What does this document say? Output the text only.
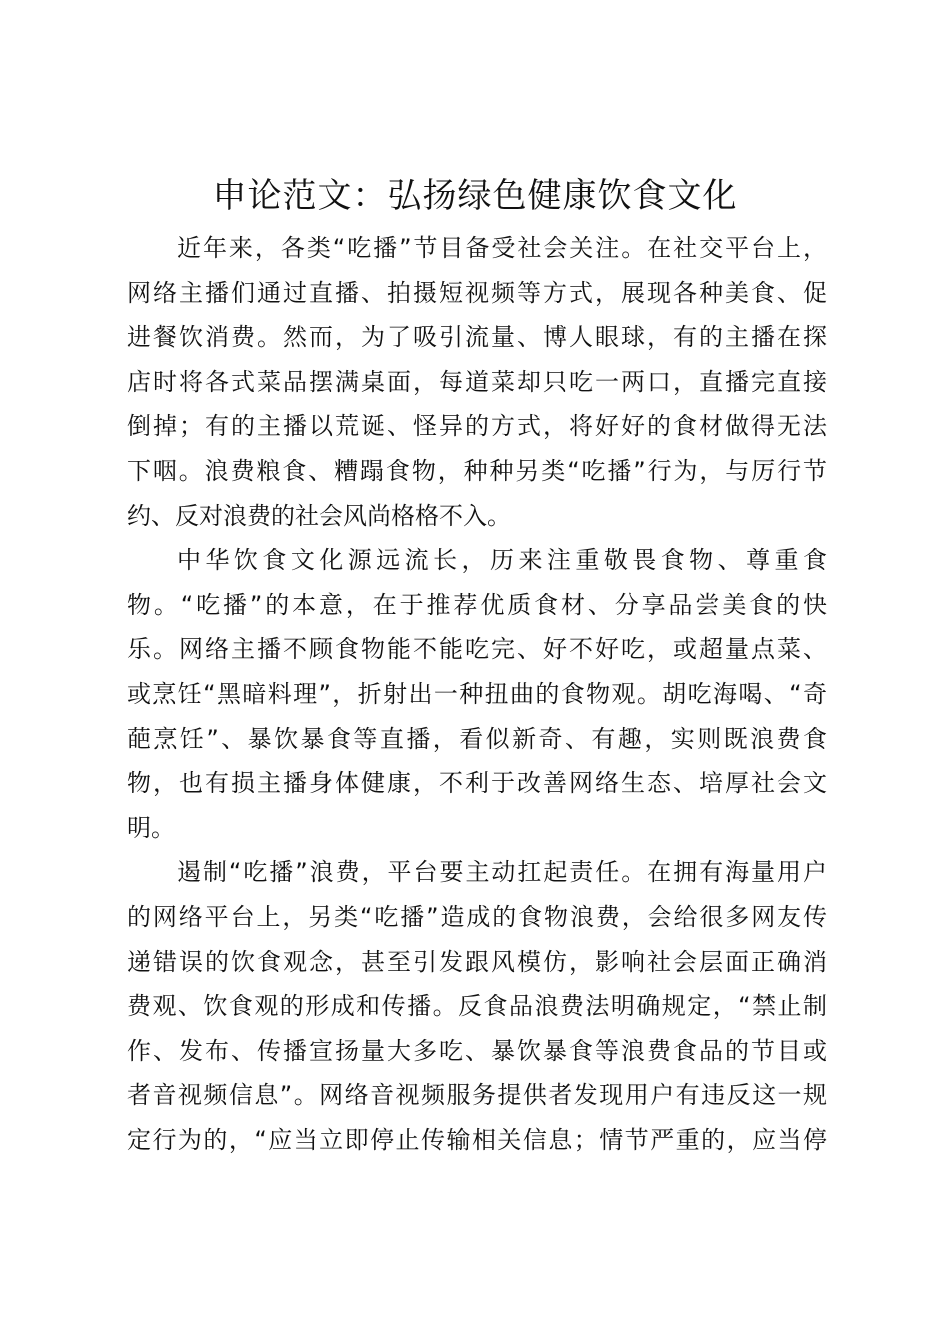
申论范文：弘扬绿色健康饮食文化

近年来，各类“吃播”节目备受社会关注。在社交平台上，
网络主播们通过直播、拍摄短视频等方式，展现各种美食、促
进餐饮消费。然而，为了吸引流量、博人眼球，有的主播在探
店时将各式菜品摆满桌面，每道菜却只吃一两口，直播完直接
倒掉；有的主播以荒诞、怪异的方式，将好好的食材做得无法
下咽。浪费粮食、糟蹋食物，种种另类“吃播”行为，与厉行节
约、反对浪费的社会风尚格格不入。

中华饮食文化源远流长，历来注重敬畏食物、尊重食
物。“吃播”的本意，在于推荐优质食材、分享品尝美食的快
乐。网络主播不顾食物能不能吃完、好不好吃，或超量点菜、
或烹饪“黑暗料理”，折射出一种扭曲的食物观。胡吃海喝、“奇
葩烹饪”、暴饮暴食等直播，看似新奇、有趣，实则既浪费食
物，也有损主播身体健康，不利于改善网络生态、培厚社会文
明。

遏制“吃播”浪费，平台要主动扛起责任。在拥有海量用户
的网络平台上，另类“吃播”造成的食物浪费，会给很多网友传
递错误的饮食观念，甚至引发跟风模仿，影响社会层面正确消
费观、饮食观的形成和传播。反食品浪费法明确规定，“禁止制
作、发布、传播宣扬量大多吃、暴饮暴食等浪费食品的节目或
者音视频信息”。网络音视频服务提供者发现用户有违反这一规
定行为的，“应当立即停止传输相关信息；情节严重的，应当停
